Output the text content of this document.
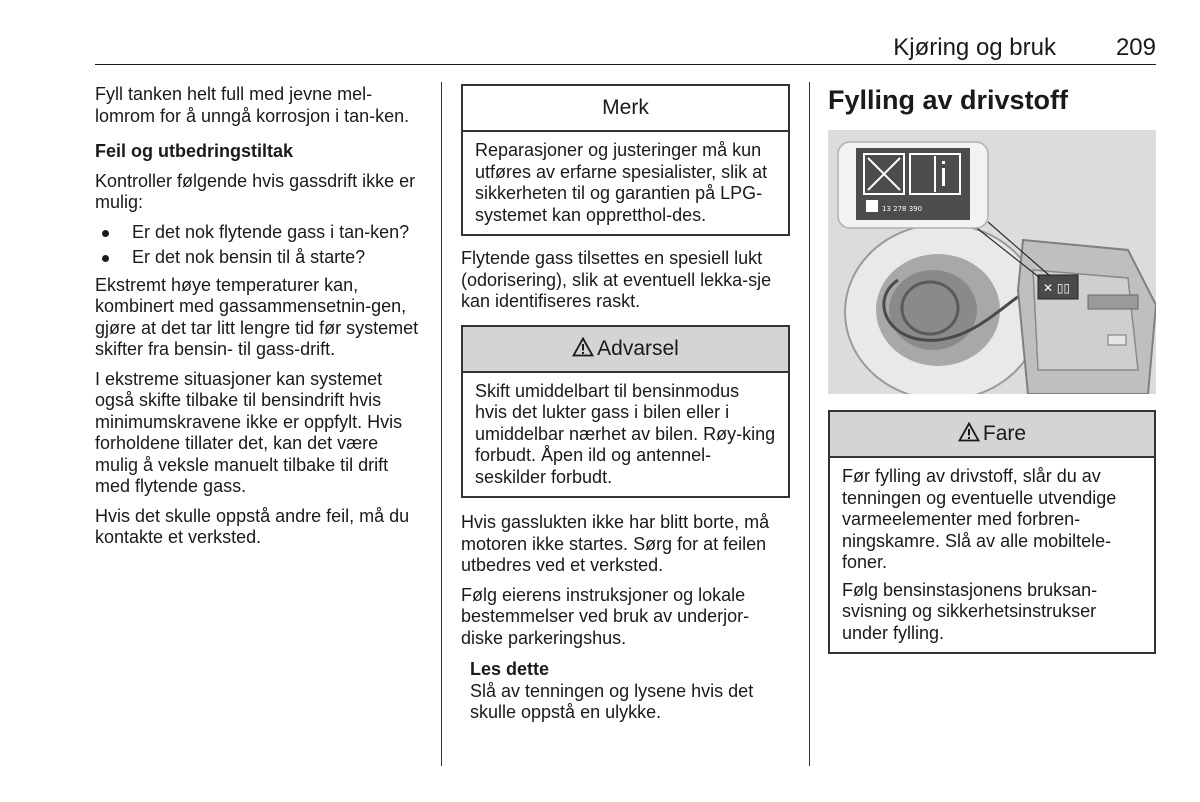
Kjøring og bruk 209

Fyll tanken helt full med jevne mel-lomrom for å unngå korrosjon i tan-ken.

Feil og utbedringstiltak

Kontroller følgende hvis gassdrift ikke er mulig:

Er det nok flytende gass i tan-ken?
Er det nok bensin til å starte?

Ekstremt høye temperaturer kan, kombinert med gassammensetnin-gen, gjøre at det tar litt lengre tid før systemet skifter fra bensin- til gass-drift.

I ekstreme situasjoner kan systemet også skifte tilbake til bensindrift hvis minimumskravene ikke er oppfylt. Hvis forholdene tillater det, kan det være mulig å veksle manuelt tilbake til drift med flytende gass.

Hvis det skulle oppstå andre feil, må du kontakte et verksted.

Merk
Reparasjoner og justeringer må kun utføres av erfarne spesialister, slik at sikkerheten til og garantien på LPG-systemet kan oppretthol-des.

Flytende gass tilsettes en spesiell lukt (odorisering), slik at eventuell lekka-sje kan identifiseres raskt.

Advarsel
Skift umiddelbart til bensinmodus hvis det lukter gass i bilen eller i umiddelbar nærhet av bilen. Røy-king forbudt. Åpen ild og antennel-seskilder forbudt.

Hvis gasslukten ikke har blitt borte, må motoren ikke startes. Sørg for at feilen utbedres ved et verksted.

Følg eierens instruksjoner og lokale bestemmelser ved bruk av underjor-diske parkeringshus.

Les dette
Slå av tenningen og lysene hvis det skulle oppstå en ulykke.
Fylling av drivstoff
✕ ▯▯
13 278 390
Fare

Før fylling av drivstoff, slår du av tenningen og eventuelle utvendige varmeelementer med forbren-ningskamre. Slå av alle mobiltele-foner.

Følg bensinstasjonens bruksan-svisning og sikkerhetsinstrukser under fylling.
